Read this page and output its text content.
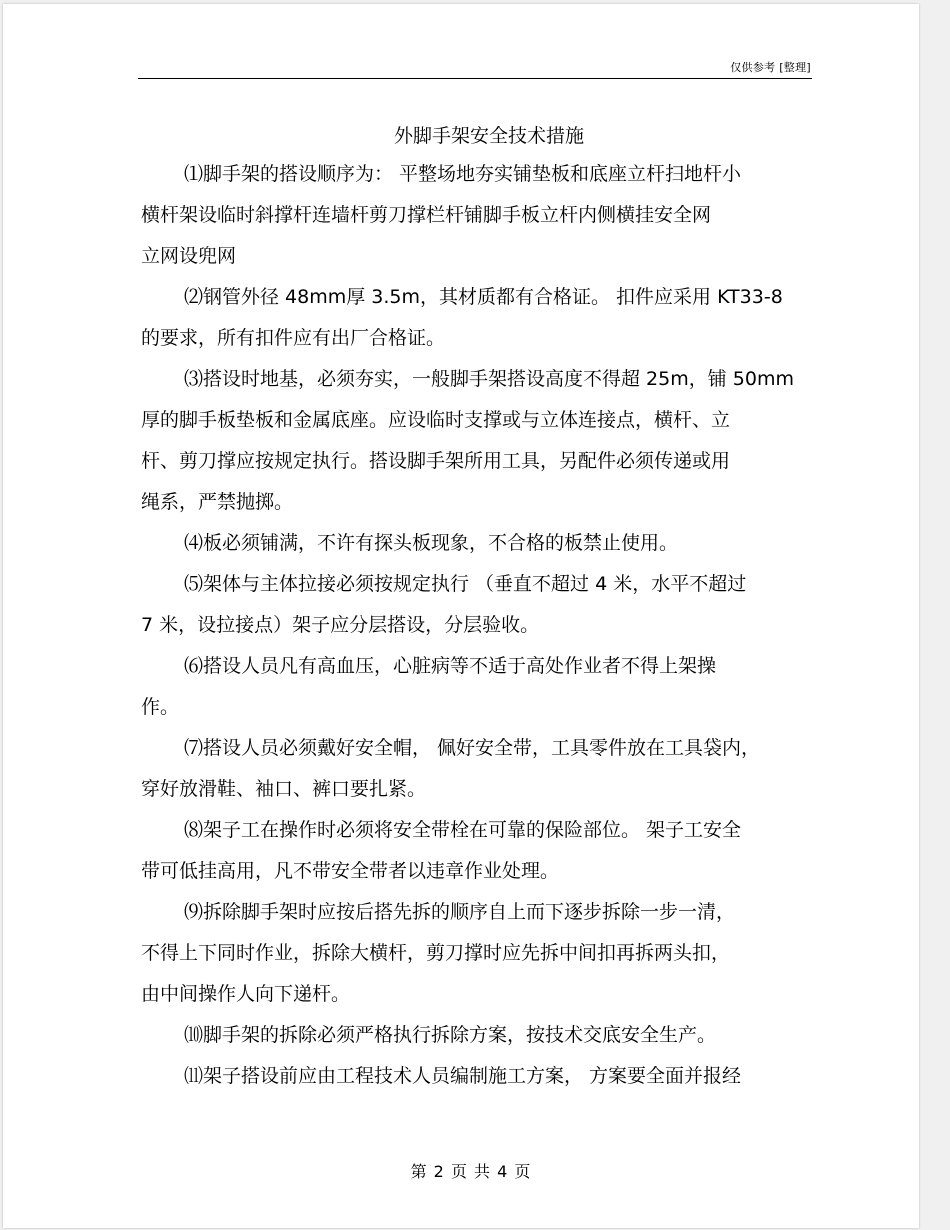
仅供参考 [整理]
外脚手架安全技术措施
⑴脚手架的搭设顺序为： 平整场地夯实铺垫板和底座立杆扫地杆小
横杆架设临时斜撑杆连墙杆剪刀撑栏杆铺脚手板立杆内侧横挂安全网
立网设兜网
⑵钢管外径 48mm厚 3.5m，其材质都有合格证。 扣件应采用 KT33-8
的要求，所有扣件应有出厂合格证。
⑶搭设时地基，必须夯实，一般脚手架搭设高度不得超 25m，铺 50mm
厚的脚手板垫板和金属底座。应设临时支撑或与立体连接点，横杆、立
杆、剪刀撑应按规定执行。搭设脚手架所用工具，另配件必须传递或用
绳系，严禁抛掷。
⑷板必须铺满，不许有探头板现象，不合格的板禁止使用。
⑸架体与主体拉接必须按规定执行 （垂直不超过 4 米，水平不超过
7 米，设拉接点）架子应分层搭设，分层验收。
⑹搭设人员凡有高血压，心脏病等不适于高处作业者不得上架操
作。
⑺搭设人员必须戴好安全帽， 佩好安全带，工具零件放在工具袋内，
穿好放滑鞋、袖口、裤口要扎紧。
⑻架子工在操作时必须将安全带栓在可靠的保险部位。 架子工安全
带可低挂高用，凡不带安全带者以违章作业处理。
⑼拆除脚手架时应按后搭先拆的顺序自上而下逐步拆除一步一清，
不得上下同时作业，拆除大横杆，剪刀撑时应先拆中间扣再拆两头扣，
由中间操作人向下递杆。
⑽脚手架的拆除必须严格执行拆除方案，按技术交底安全生产。
⑾架子搭设前应由工程技术人员编制施工方案， 方案要全面并报经
第 2 页 共 4 页
